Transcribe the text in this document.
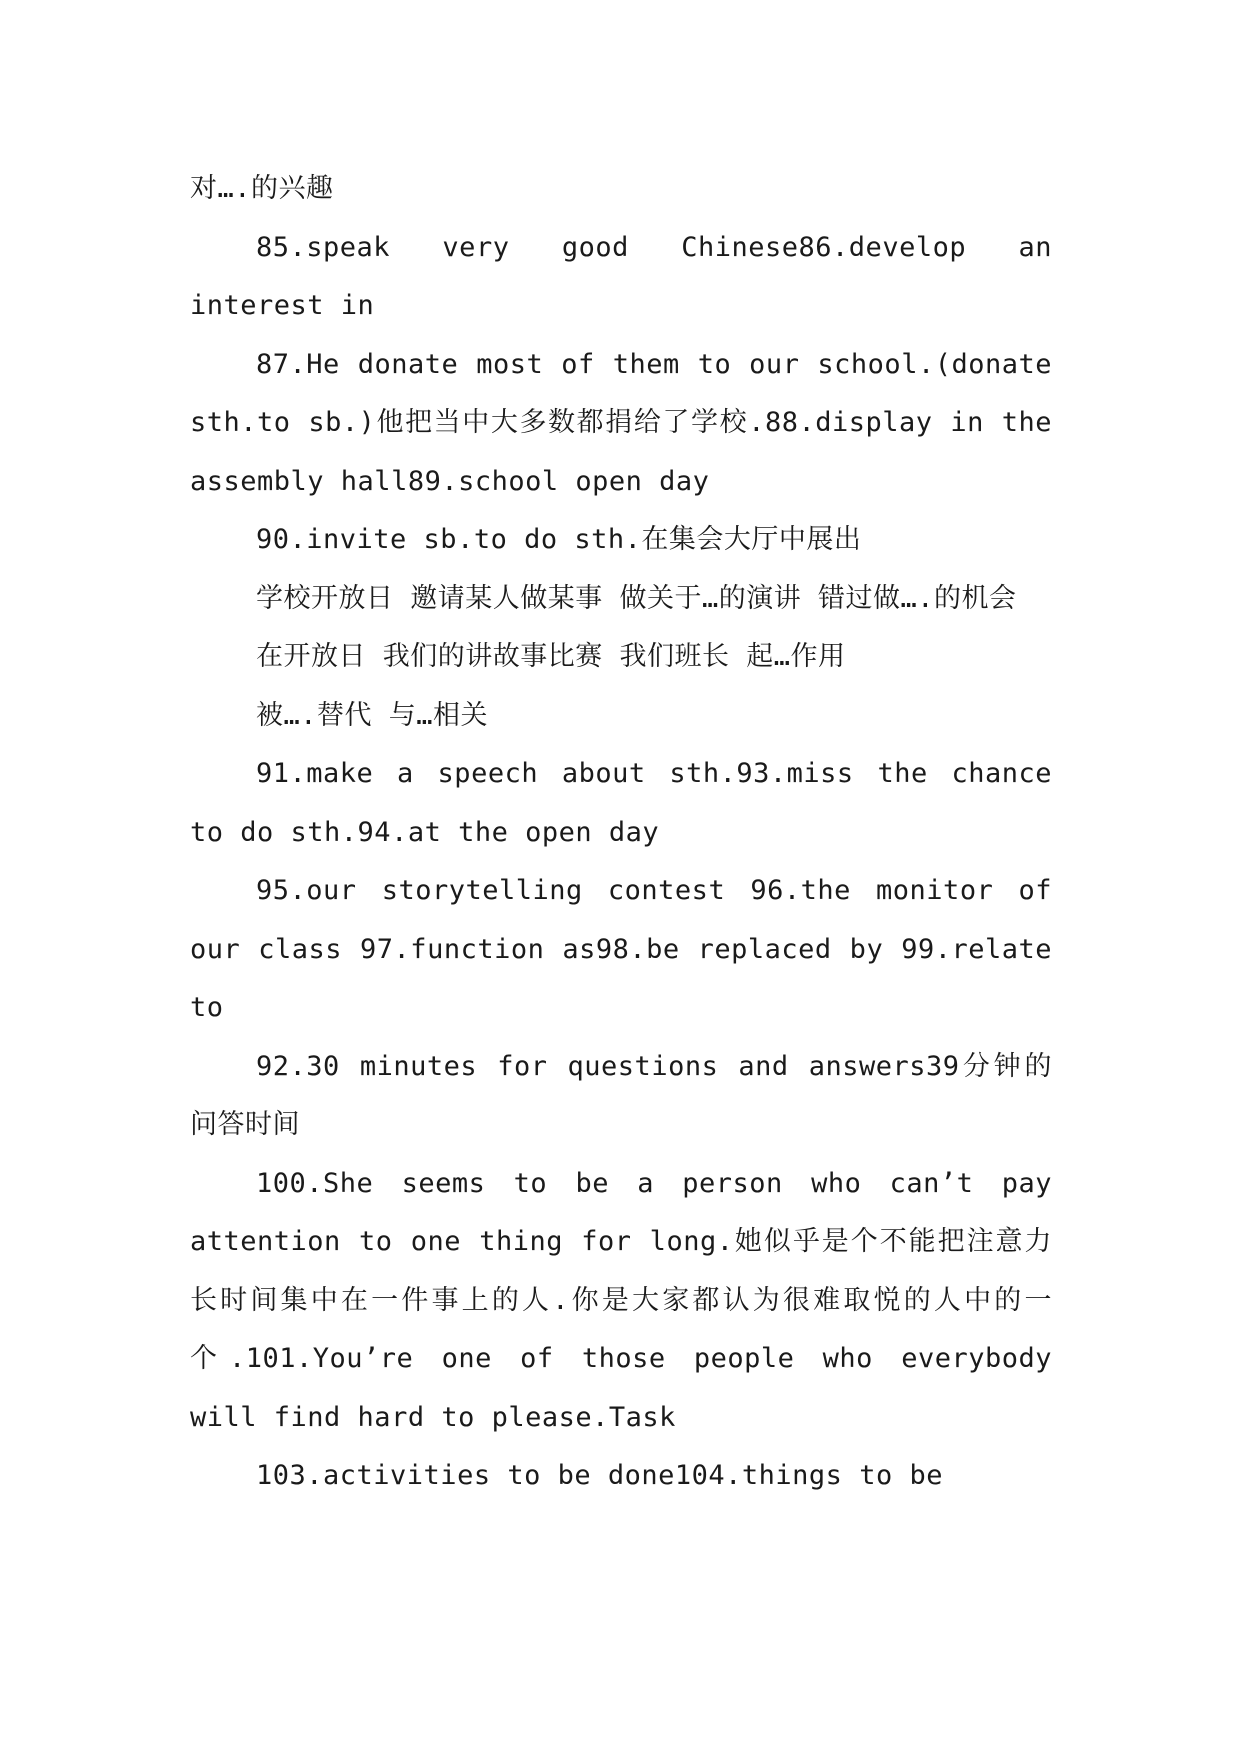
对….的兴趣

85.speak very good Chinese86.develop an interest in

87.He donate most of them to our school.(donate sth.to sb.)他把当中大多数都捐给了学校.88.display in the assembly hall89.school open day

90.invite sb.to do sth.在集会大厅中展出

学校开放日 邀请某人做某事 做关于…的演讲 错过做….的机会

在开放日 我们的讲故事比赛 我们班长 起…作用

被….替代 与…相关

91.make a speech about sth.93.miss the chance to do sth.94.at the open day

95.our storytelling contest 96.the monitor of our class 97.function as98.be replaced by 99.relate to

92.30 minutes for questions and answers39分钟的问答时间

100.She seems to be a person who can’t pay attention to one thing for long.她似乎是个不能把注意力长时间集中在一件事上的人.你是大家都认为很难取悦的人中的一个.101.You’re one of those people who everybody will find hard to please.Task

103.activities to be done104.things to be
